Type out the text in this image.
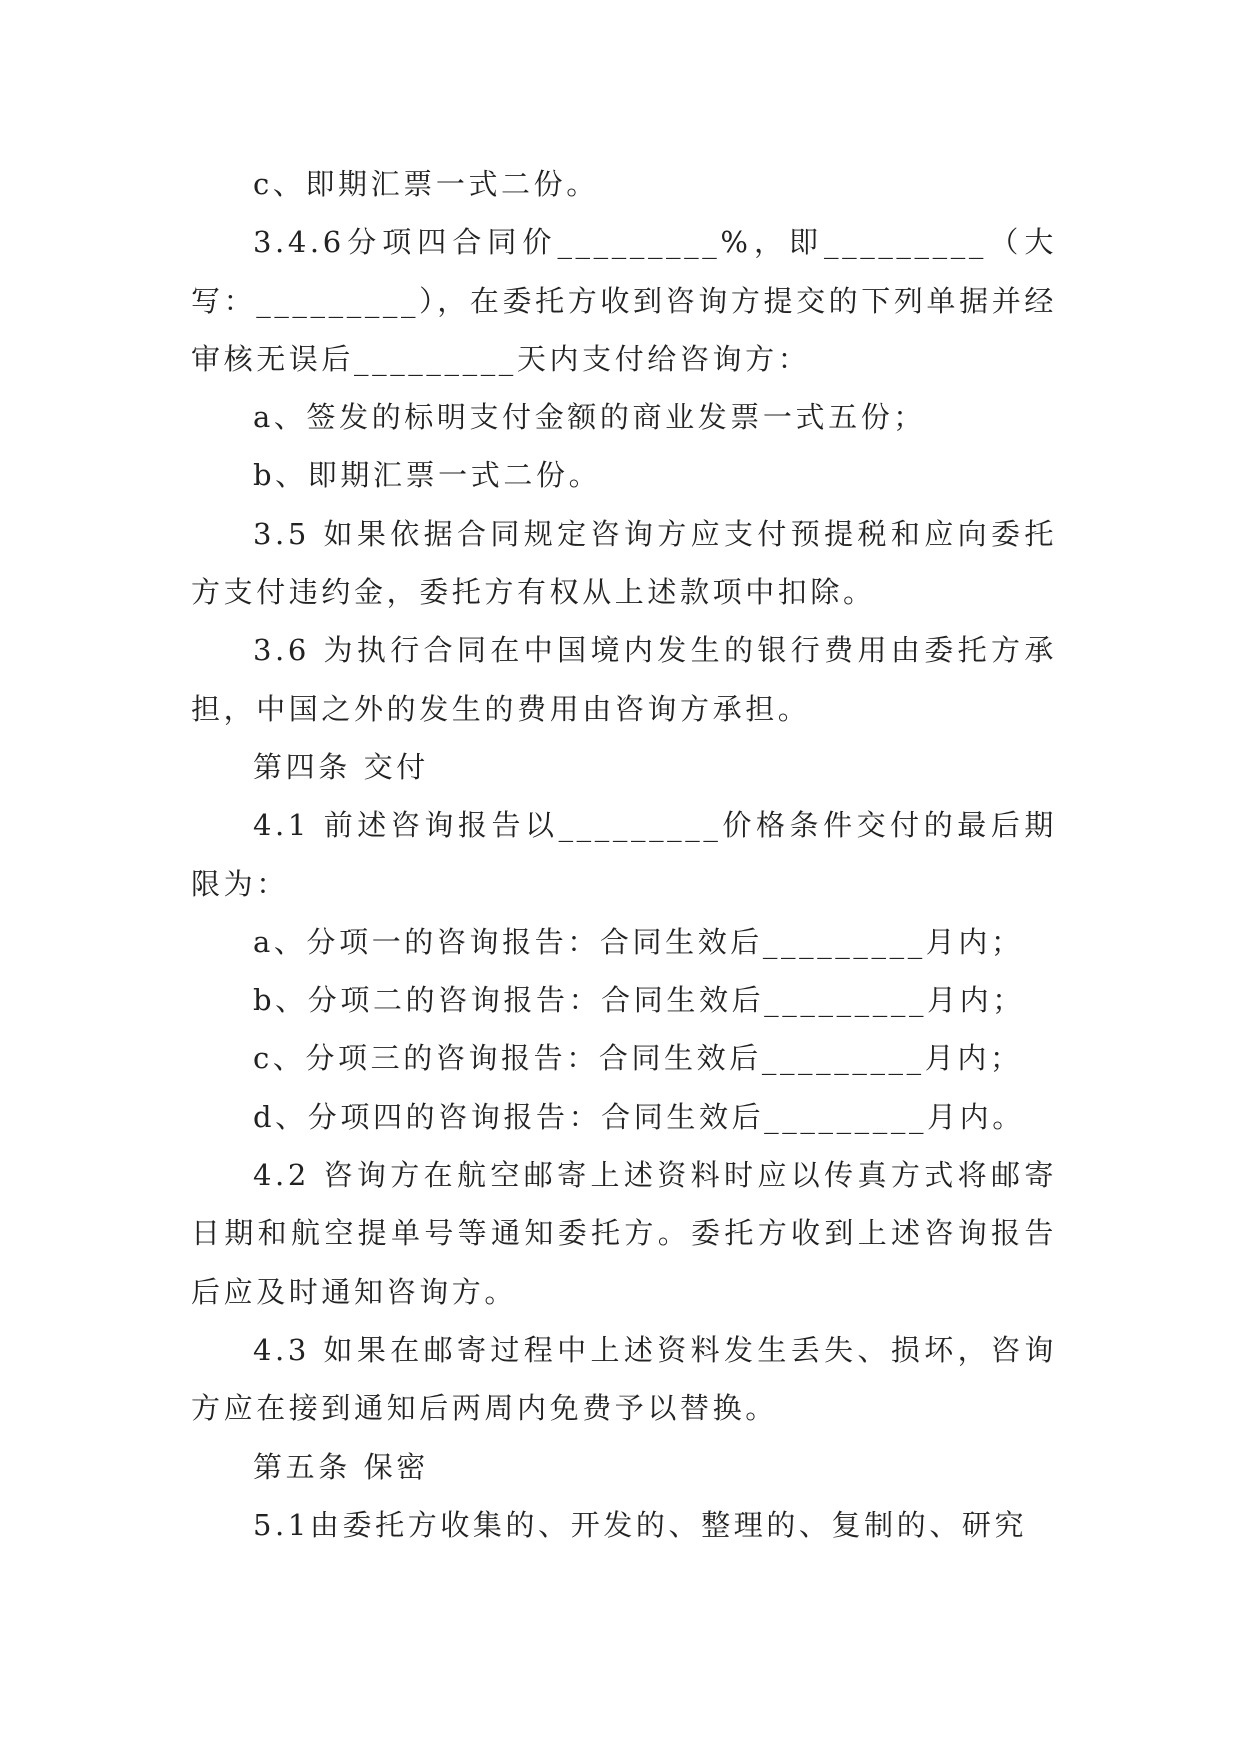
c、即期汇票一式二份。

3.4.6分项四合同价_________%，即_________（大写：_________），在委托方收到咨询方提交的下列单据并经审核无误后_________天内支付给咨询方：

a、签发的标明支付金额的商业发票一式五份；

b、即期汇票一式二份。

3.5 如果依据合同规定咨询方应支付预提税和应向委托方支付违约金，委托方有权从上述款项中扣除。

3.6 为执行合同在中国境内发生的银行费用由委托方承担，中国之外的发生的费用由咨询方承担。

第四条 交付

4.1 前述咨询报告以_________价格条件交付的最后期限为：

a、分项一的咨询报告：合同生效后_________月内；

b、分项二的咨询报告：合同生效后_________月内；

c、分项三的咨询报告：合同生效后_________月内；

d、分项四的咨询报告：合同生效后_________月内。

4.2 咨询方在航空邮寄上述资料时应以传真方式将邮寄日期和航空提单号等通知委托方。委托方收到上述咨询报告后应及时通知咨询方。

4.3 如果在邮寄过程中上述资料发生丢失、损坏，咨询方应在接到通知后两周内免费予以替换。

第五条 保密

5.1由委托方收集的、开发的、整理的、复制的、研究
